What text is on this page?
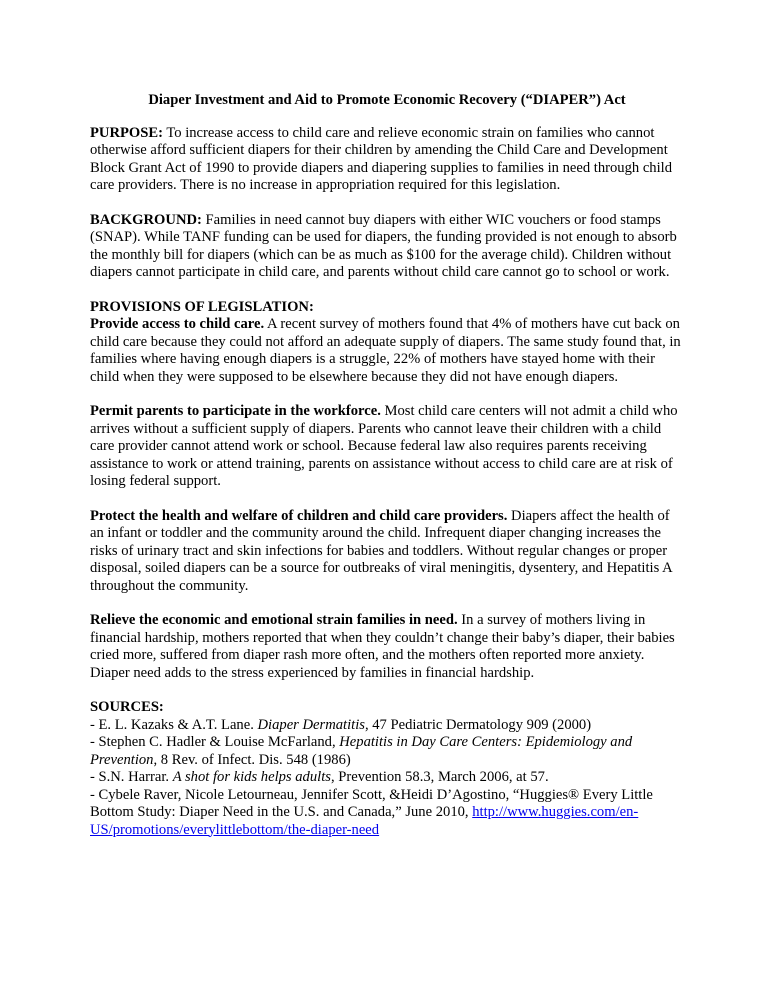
Diaper Investment and Aid to Promote Economic Recovery (“DIAPER”) Act

PURPOSE: To increase access to child care and relieve economic strain on families who cannot otherwise afford sufficient diapers for their children by amending the Child Care and Development Block Grant Act of 1990 to provide diapers and diapering supplies to families in need through child care providers. There is no increase in appropriation required for this legislation.

BACKGROUND: Families in need cannot buy diapers with either WIC vouchers or food stamps (SNAP). While TANF funding can be used for diapers, the funding provided is not enough to absorb the monthly bill for diapers (which can be as much as $100 for the average child). Children without diapers cannot participate in child care, and parents without child care cannot go to school or work.

PROVISIONS OF LEGISLATION:

Provide access to child care. A recent survey of mothers found that 4% of mothers have cut back on child care because they could not afford an adequate supply of diapers. The same study found that, in families where having enough diapers is a struggle, 22% of mothers have stayed home with their child when they were supposed to be elsewhere because they did not have enough diapers.

Permit parents to participate in the workforce. Most child care centers will not admit a child who arrives without a sufficient supply of diapers. Parents who cannot leave their children with a child care provider cannot attend work or school. Because federal law also requires parents receiving assistance to work or attend training, parents on assistance without access to child care are at risk of losing federal support.

Protect the health and welfare of children and child care providers. Diapers affect the health of an infant or toddler and the community around the child. Infrequent diaper changing increases the risks of urinary tract and skin infections for babies and toddlers. Without regular changes or proper disposal, soiled diapers can be a source for outbreaks of viral meningitis, dysentery, and Hepatitis A throughout the community.

Relieve the economic and emotional strain families in need. In a survey of mothers living in financial hardship, mothers reported that when they couldn’t change their baby’s diaper, their babies cried more, suffered from diaper rash more often, and the mothers often reported more anxiety. Diaper need adds to the stress experienced by families in financial hardship.

SOURCES:
- E. L. Kazaks & A.T. Lane. Diaper Dermatitis, 47 Pediatric Dermatology 909 (2000)
- Stephen C. Hadler & Louise McFarland, Hepatitis in Day Care Centers: Epidemiology and Prevention, 8 Rev. of Infect. Dis. 548 (1986)
- S.N. Harrar. A shot for kids helps adults, Prevention 58.3, March 2006, at 57.
- Cybele Raver, Nicole Letourneau, Jennifer Scott, &Heidi D’Agostino, “Huggies® Every Little Bottom Study: Diaper Need in the U.S. and Canada,” June 2010, http://www.huggies.com/en-US/promotions/everylittlebottom/the-diaper-need
